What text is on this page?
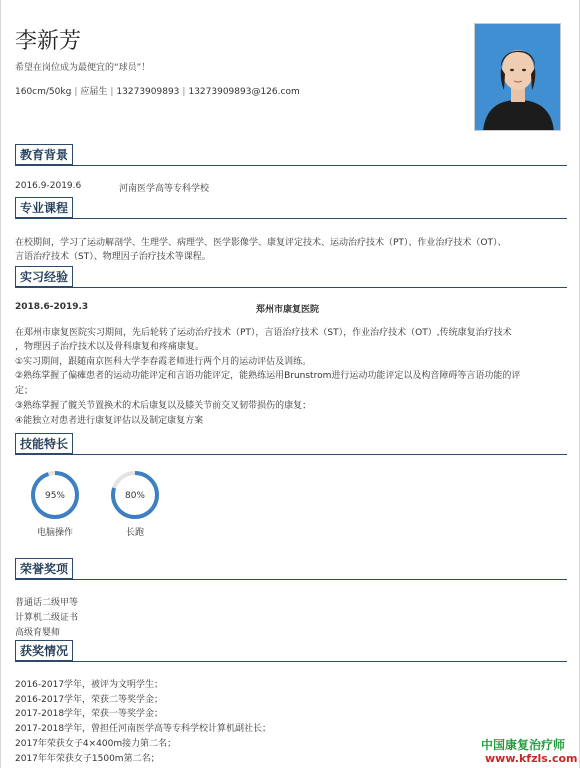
李新芳
希望在岗位成为最便宜的“球员”！
160cm/50kg | 应届生 | 13273909893 | 13273909893@126.com
教育背景
2016.9-2019.6	河南医学高等专科学校
专业课程
在校期间，学习了运动解剖学、生理学、病理学、医学影像学、康复评定技术、运动治疗技术（PT）、作业治疗技术（OT）、
言语治疗技术（ST）、物理因子治疗技术等课程。
实习经验
2018.6-2019.3	郑州市康复医院
在郑州市康复医院实习期间，先后轮转了运动治疗技术（PT），言语治疗技术（ST），作业治疗技术（OT）,传统康复治疗技术
，物理因子治疗技术以及骨科康复和疼痛康复。
①实习期间，跟随南京医科大学李春霞老师进行两个月的运动评估及训练。
②熟练掌握了偏瘫患者的运动功能评定和言语功能评定，能熟练运用Brunstrom进行运动功能评定以及构音障碍等言语功能的评
定；
③熟练掌握了髋关节置换术的术后康复以及膝关节前交叉韧带损伤的康复；
④能独立对患者进行康复评估以及制定康复方案
技能特长
95%
电脑操作
80%
长跑
荣誉奖项
普通话二级甲等
计算机二级证书
高级育婴师
获奖情况
2016-2017学年，被评为文明学生；
2016-2017学年，荣获二等奖学金；
2017-2018学年，荣获一等奖学金；
2017-2018学年，曾担任河南医学高等专科学校计算机副社长；
2017年荣获女子4×400m接力第二名；
2017年年荣获女子1500m第二名；
中国康复治疗师
www.kfzls.com
